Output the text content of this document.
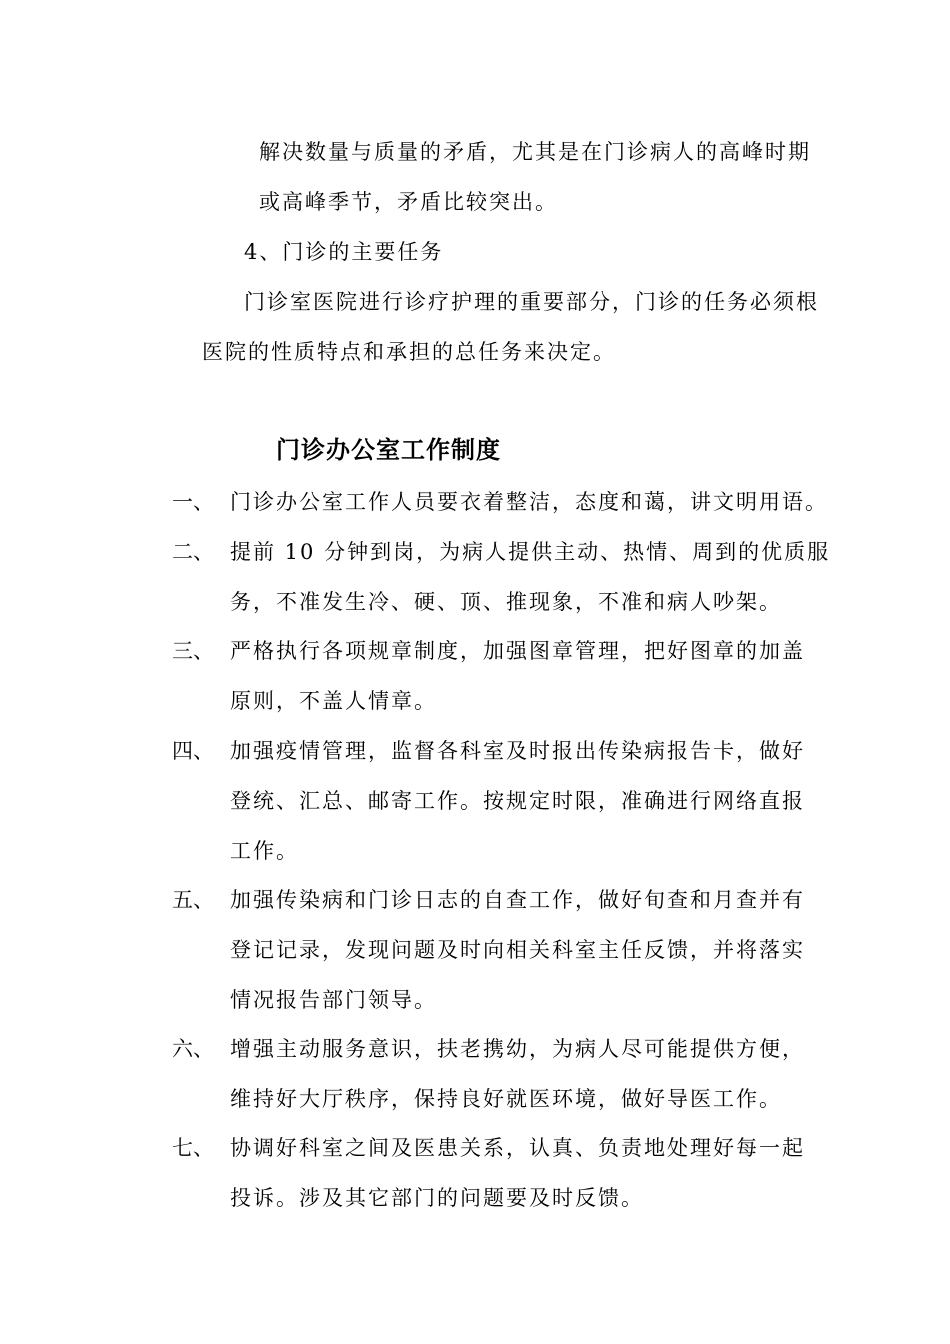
解决数量与质量的矛盾，尤其是在门诊病人的高峰时期
或高峰季节，矛盾比较突出。
4、门诊的主要任务
门诊室医院进行诊疗护理的重要部分，门诊的任务必须根
医院的性质特点和承担的总任务来决定。
门诊办公室工作制度
一、 门诊办公室工作人员要衣着整洁，态度和蔼，讲文明用语。
二、 提前 10 分钟到岗，为病人提供主动、热情、周到的优质服
务，不准发生冷、硬、顶、推现象，不准和病人吵架。
三、 严格执行各项规章制度，加强图章管理，把好图章的加盖
原则，不盖人情章。
四、 加强疫情管理，监督各科室及时报出传染病报告卡，做好
登统、汇总、邮寄工作。按规定时限，准确进行网络直报
工作。
五、 加强传染病和门诊日志的自查工作，做好旬查和月查并有
登记记录，发现问题及时向相关科室主任反馈，并将落实
情况报告部门领导。
六、 增强主动服务意识，扶老携幼，为病人尽可能提供方便，
维持好大厅秩序，保持良好就医环境，做好导医工作。
七、 协调好科室之间及医患关系，认真、负责地处理好每一起
投诉。涉及其它部门的问题要及时反馈。
